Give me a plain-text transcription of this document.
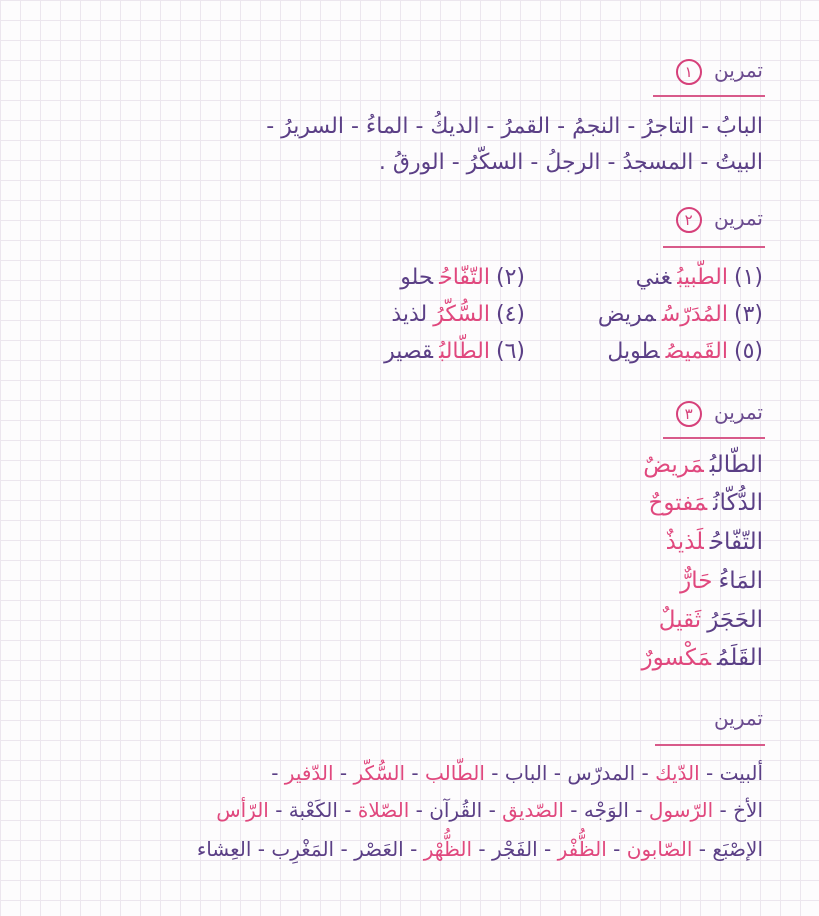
تمرين ١
البابُ - التاجرُ - النجمُ - القمرُ - الديكُ - الماءُ - السريرُ -
البيتُ - المسجدُ - الرجلُ - السكّرُ - الورقُ .
تمرين ٢
(١)الطّبيبُغني
(٢)التّفّاحُحلو
(٣)المُدَرّسُمريض
(٤)السُّكّرُلذيذ
(٥)القَميصُطويل
(٦)الطّالبُقصير
تمرين ٣
الطّالبُمَريضٌ
الدُّكّانُمَفتوحٌ
التّفّاحُلَذيذٌ
المَاءُحَارٌّ
الحَجَرُثَقيلٌ
القَلَمُمَكْسورٌ
تمرين
ألبيت - الدّيك - المدرّس - الباب - الطّالب - السُّكّر - الدّفير -
الأخ - الرّسول - الوَجْه - الصّديق - القُرآن - الصّلاة - الكَعْبة - الرّأس
الإصْبَع - الصّابون - الظُّفْر - الفَجْر - الظُّهْر - العَصْر - المَغْرِب - العِشاء
